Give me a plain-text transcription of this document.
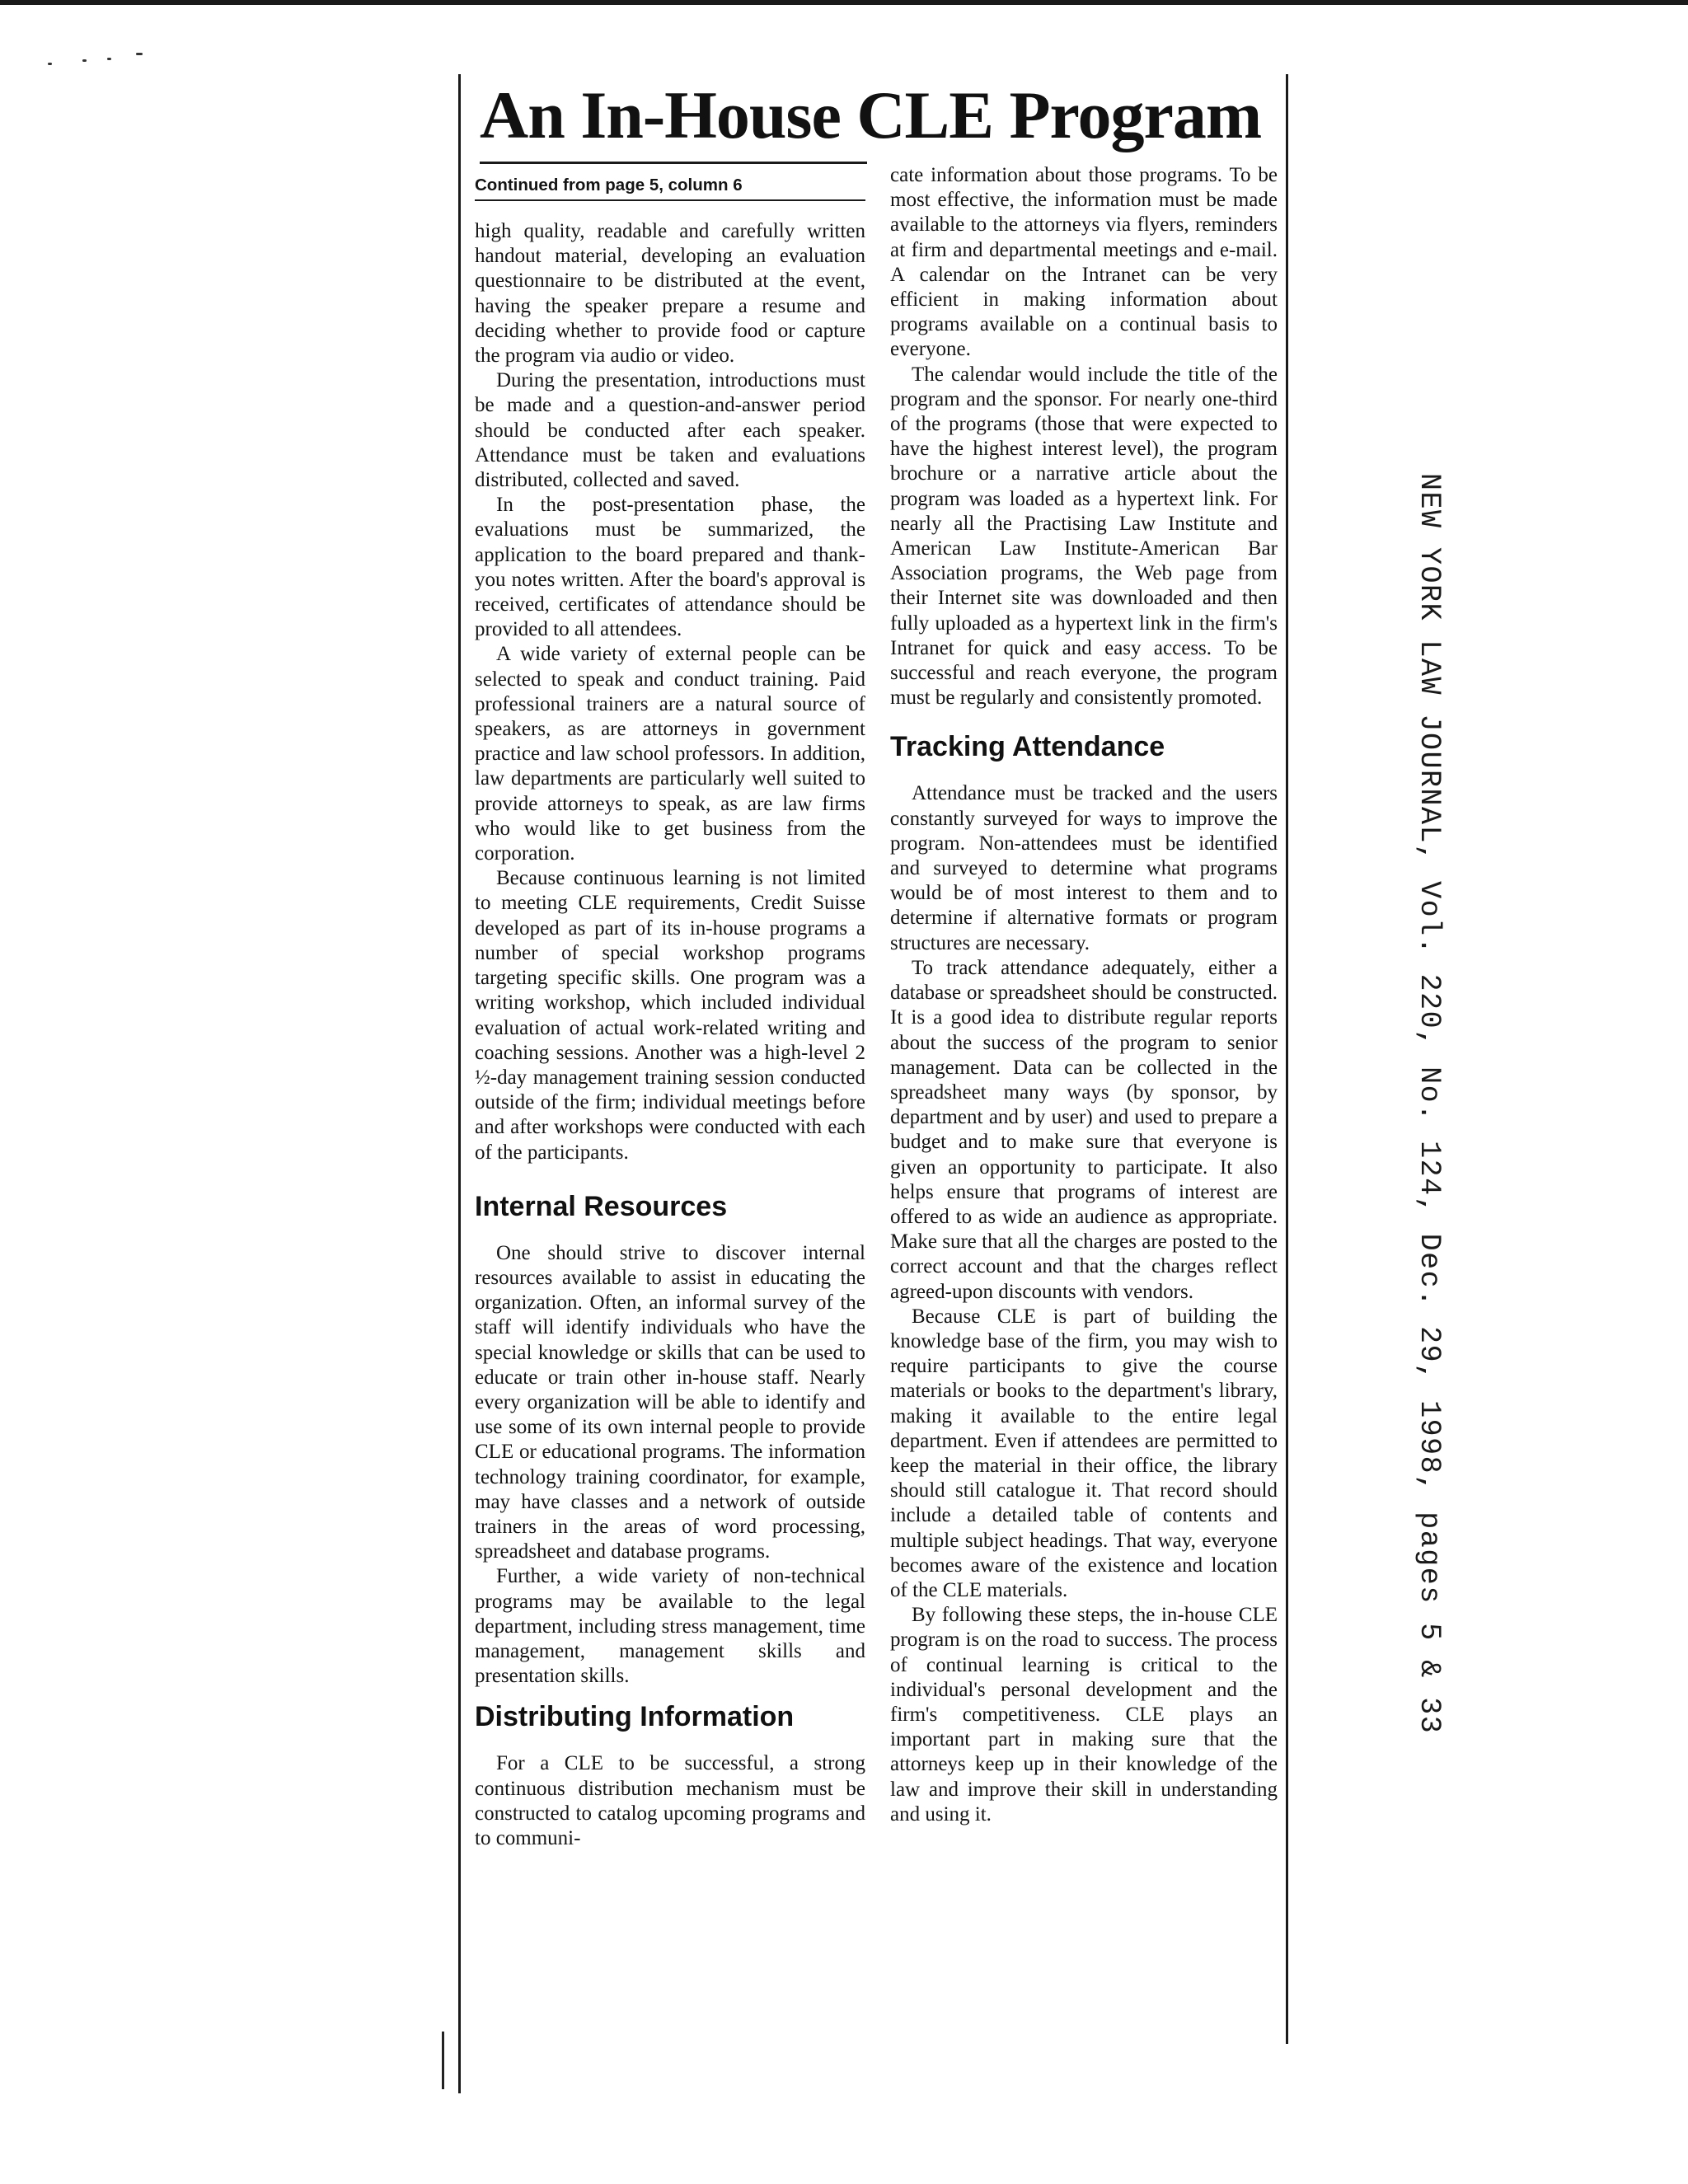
An In-House CLE Program
Continued from page 5, column 6

high quality, readable and carefully written handout material, developing an evaluation questionnaire to be distributed at the event, having the speaker prepare a resume and deciding whether to provide food or capture the program via audio or video.

During the presentation, introductions must be made and a question-and-answer period should be conducted after each speaker. Attendance must be taken and evaluations distributed, collected and saved.

In the post-presentation phase, the evaluations must be summarized, the application to the board prepared and thank-you notes written. After the board's approval is received, certificates of attendance should be provided to all attendees.

A wide variety of external people can be selected to speak and conduct training. Paid professional trainers are a natural source of speakers, as are attorneys in government practice and law school professors. In addition, law departments are particularly well suited to provide attorneys to speak, as are law firms who would like to get business from the corporation.

Because continuous learning is not limited to meeting CLE requirements, Credit Suisse developed as part of its in-house programs a number of special workshop programs targeting specific skills. One program was a writing workshop, which included individual evaluation of actual work-related writing and coaching sessions. Another was a high-level 2 ½-day management training session conducted outside of the firm; individual meetings before and after workshops were conducted with each of the participants.

Internal Resources

One should strive to discover internal resources available to assist in educating the organization. Often, an informal survey of the staff will identify individuals who have the special knowledge or skills that can be used to educate or train other in-house staff. Nearly every organization will be able to identify and use some of its own internal people to provide CLE or educational programs. The information technology training coordinator, for example, may have classes and a network of outside trainers in the areas of word processing, spreadsheet and database programs.

Further, a wide variety of non-technical programs may be available to the legal department, including stress management, time management, management skills and presentation skills.

Distributing Information

For a CLE to be successful, a strong continuous distribution mechanism must be constructed to catalog upcoming programs and to communi-

cate information about those programs. To be most effective, the information must be made available to the attorneys via flyers, reminders at firm and departmental meetings and e-mail. A calendar on the Intranet can be very efficient in making information about programs available on a continual basis to everyone.

The calendar would include the title of the program and the sponsor. For nearly one-third of the programs (those that were expected to have the highest interest level), the program brochure or a narrative article about the program was loaded as a hypertext link. For nearly all the Practising Law Institute and American Law Institute-American Bar Association programs, the Web page from their Internet site was downloaded and then fully uploaded as a hypertext link in the firm's Intranet for quick and easy access. To be successful and reach everyone, the program must be regularly and consistently promoted.

Tracking Attendance

Attendance must be tracked and the users constantly surveyed for ways to improve the program. Non-attendees must be identified and surveyed to determine what programs would be of most interest to them and to determine if alternative formats or program structures are necessary.

To track attendance adequately, either a database or spreadsheet should be constructed. It is a good idea to distribute regular reports about the success of the program to senior management. Data can be collected in the spreadsheet many ways (by sponsor, by department and by user) and used to prepare a budget and to make sure that everyone is given an opportunity to participate. It also helps ensure that programs of interest are offered to as wide an audience as appropriate. Make sure that all the charges are posted to the correct account and that the charges reflect agreed-upon discounts with vendors.

Because CLE is part of building the knowledge base of the firm, you may wish to require participants to give the course materials or books to the department's library, making it available to the entire legal department. Even if attendees are permitted to keep the material in their office, the library should still catalogue it. That record should include a detailed table of contents and multiple subject headings. That way, everyone becomes aware of the existence and location of the CLE materials.

By following these steps, the in-house CLE program is on the road to success. The process of continual learning is critical to the individual's personal development and the firm's competitiveness. CLE plays an important part in making sure that the attorneys keep up in their knowledge of the law and improve their skill in understanding and using it.

NEW YORK LAW JOURNAL, Vol. 220, No. 124, Dec. 29, 1998, pages 5 & 33
